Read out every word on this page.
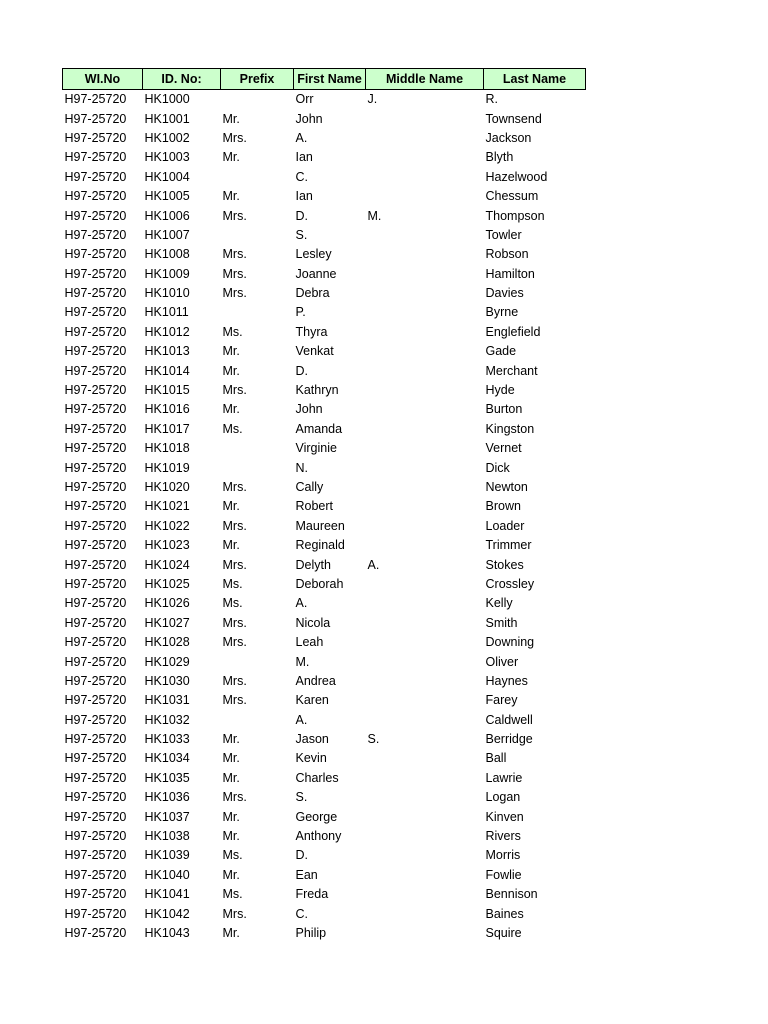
WI.No	ID. No:	Prefix	First Name	Middle Name	Last Name
H97-25720	HK1000		Orr	J.	R.
H97-25720	HK1001	Mr.	John		Townsend
H97-25720	HK1002	Mrs.	A.		Jackson
H97-25720	HK1003	Mr.	Ian		Blyth
H97-25720	HK1004		C.		Hazelwood
H97-25720	HK1005	Mr.	Ian		Chessum
H97-25720	HK1006	Mrs.	D.	M.	Thompson
H97-25720	HK1007		S.		Towler
H97-25720	HK1008	Mrs.	Lesley		Robson
H97-25720	HK1009	Mrs.	Joanne		Hamilton
H97-25720	HK1010	Mrs.	Debra		Davies
H97-25720	HK1011		P.		Byrne
H97-25720	HK1012	Ms.	Thyra		Englefield
H97-25720	HK1013	Mr.	Venkat		Gade
H97-25720	HK1014	Mr.	D.		Merchant
H97-25720	HK1015	Mrs.	Kathryn		Hyde
H97-25720	HK1016	Mr.	John		Burton
H97-25720	HK1017	Ms.	Amanda		Kingston
H97-25720	HK1018		Virginie		Vernet
H97-25720	HK1019		N.		Dick
H97-25720	HK1020	Mrs.	Cally		Newton
H97-25720	HK1021	Mr.	Robert		Brown
H97-25720	HK1022	Mrs.	Maureen		Loader
H97-25720	HK1023	Mr.	Reginald		Trimmer
H97-25720	HK1024	Mrs.	Delyth	A.	Stokes
H97-25720	HK1025	Ms.	Deborah		Crossley
H97-25720	HK1026	Ms.	A.		Kelly
H97-25720	HK1027	Mrs.	Nicola		Smith
H97-25720	HK1028	Mrs.	Leah		Downing
H97-25720	HK1029		M.		Oliver
H97-25720	HK1030	Mrs.	Andrea		Haynes
H97-25720	HK1031	Mrs.	Karen		Farey
H97-25720	HK1032		A.		Caldwell
H97-25720	HK1033	Mr.	Jason	S.	Berridge
H97-25720	HK1034	Mr.	Kevin		Ball
H97-25720	HK1035	Mr.	Charles		Lawrie
H97-25720	HK1036	Mrs.	S.		Logan
H97-25720	HK1037	Mr.	George		Kinven
H97-25720	HK1038	Mr.	Anthony		Rivers
H97-25720	HK1039	Ms.	D.		Morris
H97-25720	HK1040	Mr.	Ean		Fowlie
H97-25720	HK1041	Ms.	Freda		Bennison
H97-25720	HK1042	Mrs.	C.		Baines
H97-25720	HK1043	Mr.	Philip		Squire
